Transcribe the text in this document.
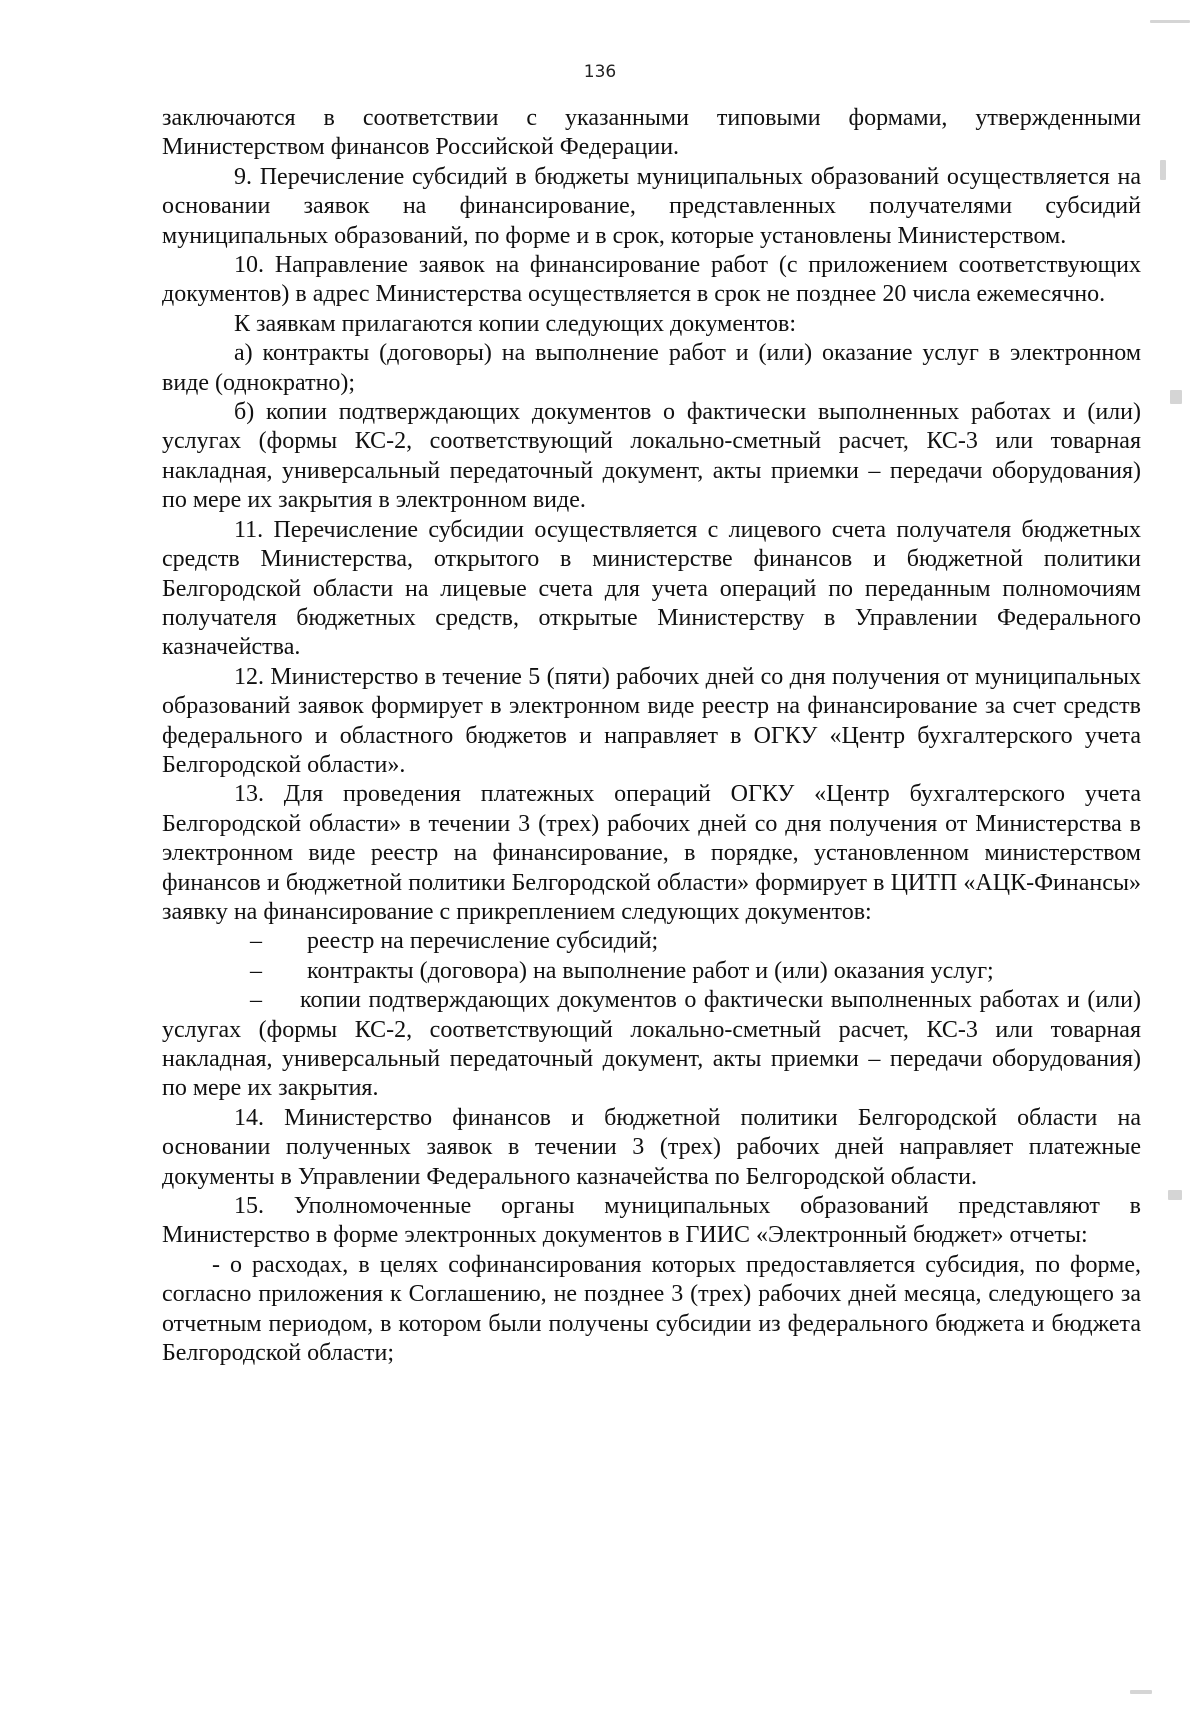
136

заключаются в соответствии с указанными типовыми формами, утвержденными Министерством финансов Российской Федерации.

9. Перечисление субсидий в бюджеты муниципальных образований осуществляется на основании заявок на финансирование, представленных получателями субсидий муниципальных образований, по форме и в срок, которые установлены Министерством.

10. Направление заявок на финансирование работ (с приложением соответствующих документов) в адрес Министерства осуществляется в срок не позднее 20 числа ежемесячно.

К заявкам прилагаются копии следующих документов:

а) контракты (договоры) на выполнение работ и (или) оказание услуг в электронном виде (однократно);

б) копии подтверждающих документов о фактически выполненных работах и (или) услугах (формы КС-2, соответствующий локально-сметный расчет, КС-3 или товарная накладная, универсальный передаточный документ, акты приемки – передачи оборудования) по мере их закрытия в электронном виде.

11. Перечисление субсидии осуществляется с лицевого счета получателя бюджетных средств Министерства, открытого в министерстве финансов и бюджетной политики Белгородской области на лицевые счета для учета операций по переданным полномочиям получателя бюджетных средств, открытые Министерству в Управлении Федерального казначейства.

12. Министерство в течение 5 (пяти) рабочих дней со дня получения от муниципальных образований заявок формирует в электронном виде реестр на финансирование за счет средств федерального и областного бюджетов и направляет в ОГКУ «Центр бухгалтерского учета Белгородской области».

13. Для проведения платежных операций ОГКУ «Центр бухгалтерского учета Белгородской области» в течении 3 (трех) рабочих дней со дня получения от Министерства в электронном виде реестр на финансирование, в порядке, установленном министерством финансов и бюджетной политики Белгородской области» формирует в ЦИТП «АЦК-Финансы» заявку на финансирование с прикреплением следующих документов:

–	реестр на перечисление субсидий;
–	контракты (договора) на выполнение работ и (или) оказания услуг;

– копии подтверждающих документов о фактически выполненных работах и (или) услугах (формы КС-2, соответствующий локально-сметный расчет, КС-3 или товарная накладная, универсальный передаточный документ, акты приемки – передачи оборудования) по мере их закрытия.

14. Министерство финансов и бюджетной политики Белгородской области на основании полученных заявок в течении 3 (трех) рабочих дней направляет платежные документы в Управлении Федерального казначейства по Белгородской области.

15. Уполномоченные органы муниципальных образований представляют в Министерство в форме электронных документов в ГИИС «Электронный бюджет» отчеты:

- о расходах, в целях софинансирования которых предоставляется субсидия, по форме, согласно приложения к Соглашению, не позднее 3 (трех) рабочих дней месяца, следующего за отчетным периодом, в котором были получены субсидии из федерального бюджета и бюджета Белгородской области;
